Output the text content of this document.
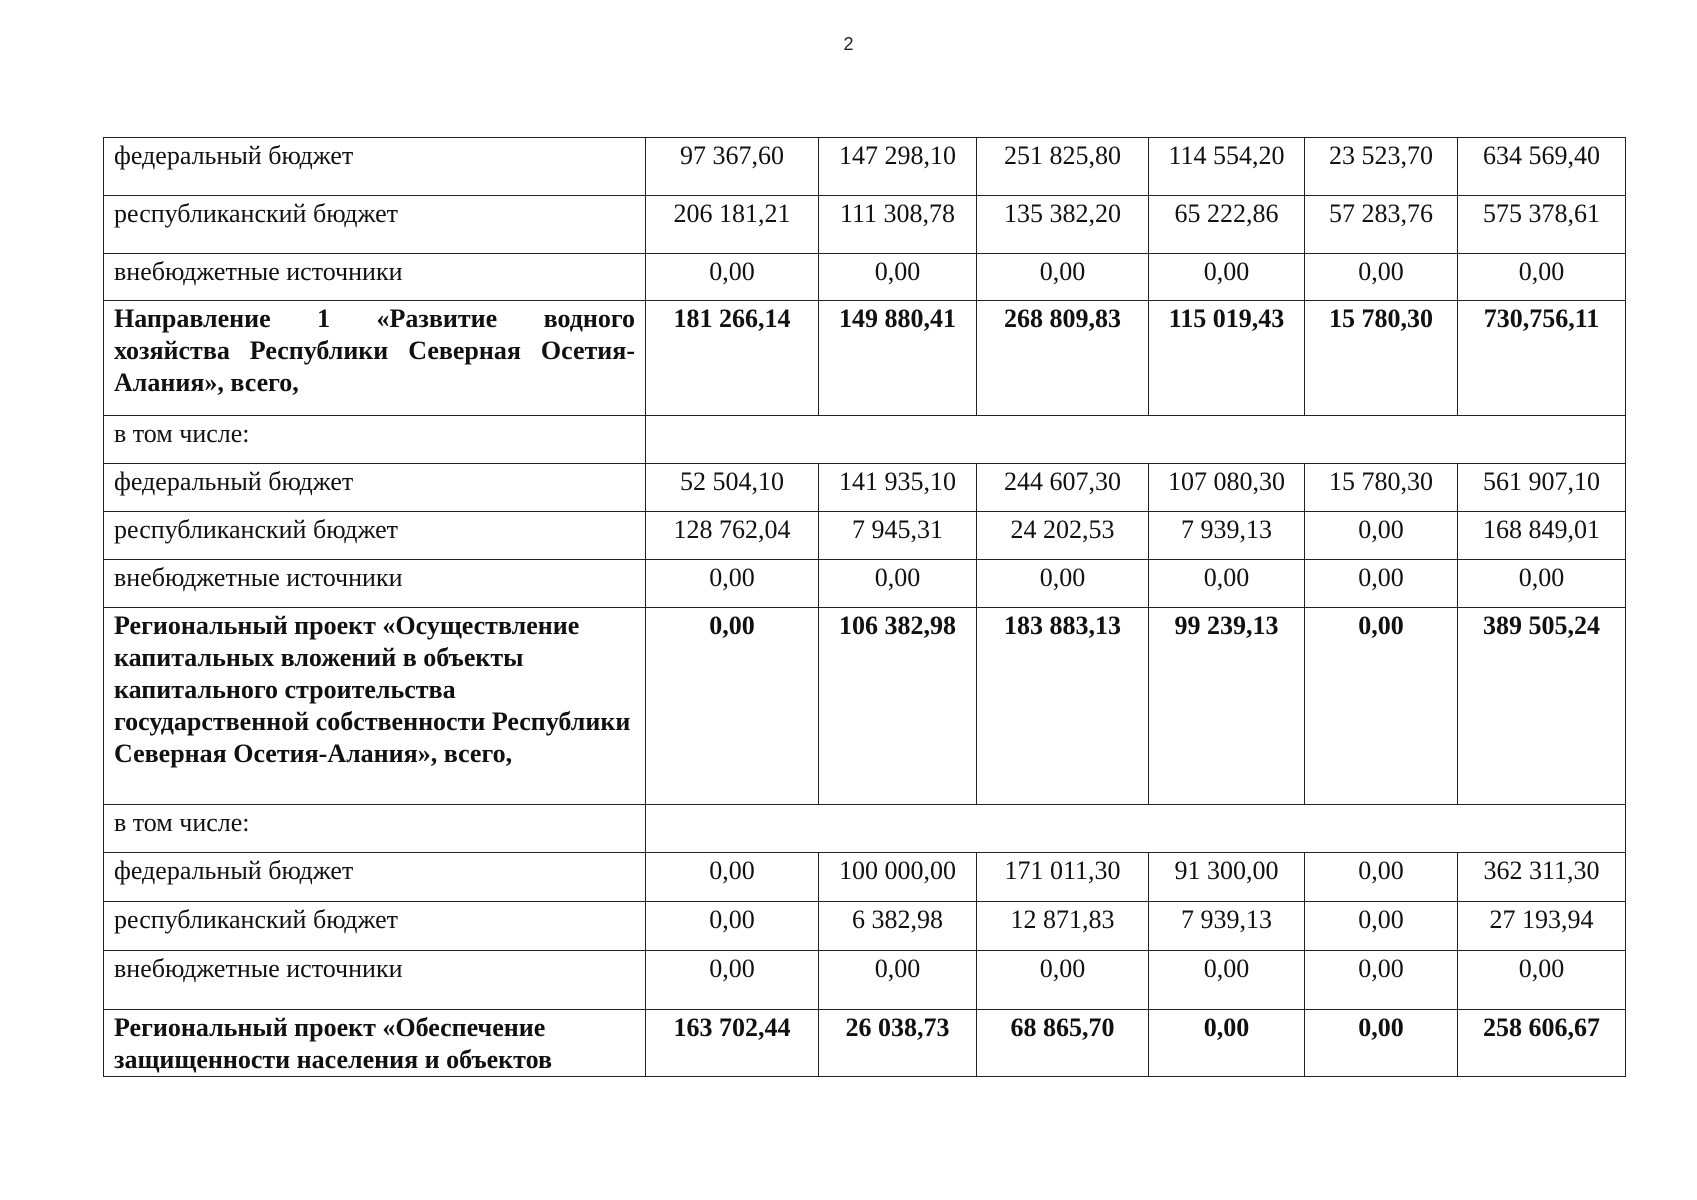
2
федеральный бюджет	97 367,60	147 298,10	251 825,80	114 554,20	23 523,70	634 569,40
республиканский бюджет	206 181,21	111 308,78	135 382,20	65 222,86	57 283,76	575 378,61
внебюджетные источники	0,00	0,00	0,00	0,00	0,00	0,00
Направление 1 «Развитие водного хозяйства Республики Северная Осетия-Алания», всего,	181 266,14	149 880,41	268 809,83	115 019,43	15 780,30	730,756,11
в том числе:						
федеральный бюджет	52 504,10	141 935,10	244 607,30	107 080,30	15 780,30	561 907,10
республиканский бюджет	128 762,04	7 945,31	24 202,53	7 939,13	0,00	168 849,01
внебюджетные источники	0,00	0,00	0,00	0,00	0,00	0,00
Региональный проект «Осуществление капитальных вложений в объекты капитального строительства государственной собственности Республики Северная Осетия-Алания», всего,	0,00	106 382,98	183 883,13	99 239,13	0,00	389 505,24
в том числе:						
федеральный бюджет	0,00	100 000,00	171 011,30	91 300,00	0,00	362 311,30
республиканский бюджет	0,00	6 382,98	12 871,83	7 939,13	0,00	27 193,94
внебюджетные источники	0,00	0,00	0,00	0,00	0,00	0,00
Региональный проект «Обеспечение защищенности населения и объектов	163 702,44	26 038,73	68 865,70	0,00	0,00	258 606,67
